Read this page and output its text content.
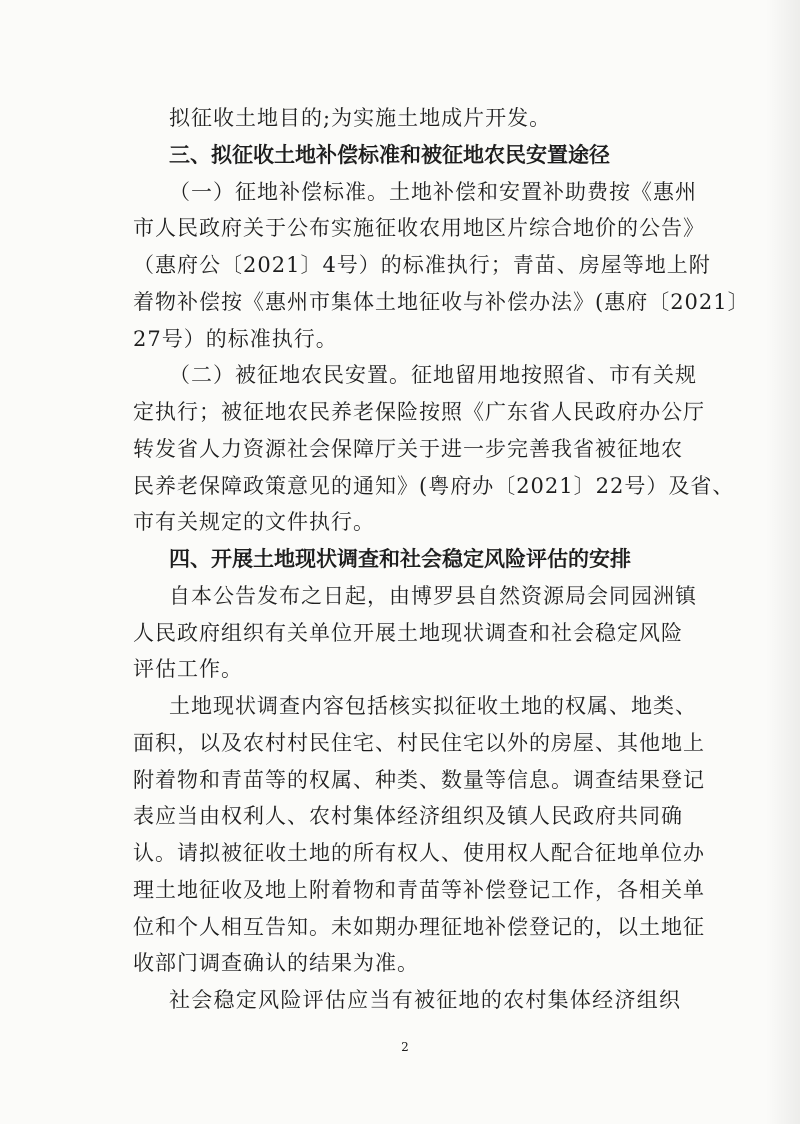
拟征收土地目的;为实施土地成片开发。
三、拟征收土地补偿标准和被征地农民安置途径
（一）征地补偿标准。土地补偿和安置补助费按《惠州
市人民政府关于公布实施征收农用地区片综合地价的公告》
（惠府公〔2021〕4号）的标准执行；青苗、房屋等地上附
着物补偿按《惠州市集体土地征收与补偿办法》(惠府〔2021〕
27号）的标准执行。
（二）被征地农民安置。征地留用地按照省、市有关规
定执行；被征地农民养老保险按照《广东省人民政府办公厅
转发省人力资源社会保障厅关于进一步完善我省被征地农
民养老保障政策意见的通知》(粤府办〔2021〕22号）及省、
市有关规定的文件执行。
四、开展土地现状调查和社会稳定风险评估的安排
自本公告发布之日起，由博罗县自然资源局会同园洲镇
人民政府组织有关单位开展土地现状调查和社会稳定风险
评估工作。
土地现状调查内容包括核实拟征收土地的权属、地类、
面积，以及农村村民住宅、村民住宅以外的房屋、其他地上
附着物和青苗等的权属、种类、数量等信息。调查结果登记
表应当由权利人、农村集体经济组织及镇人民政府共同确
认。请拟被征收土地的所有权人、使用权人配合征地单位办
理土地征收及地上附着物和青苗等补偿登记工作，各相关单
位和个人相互告知。未如期办理征地补偿登记的，以土地征
收部门调查确认的结果为准。
社会稳定风险评估应当有被征地的农村集体经济组织
2
